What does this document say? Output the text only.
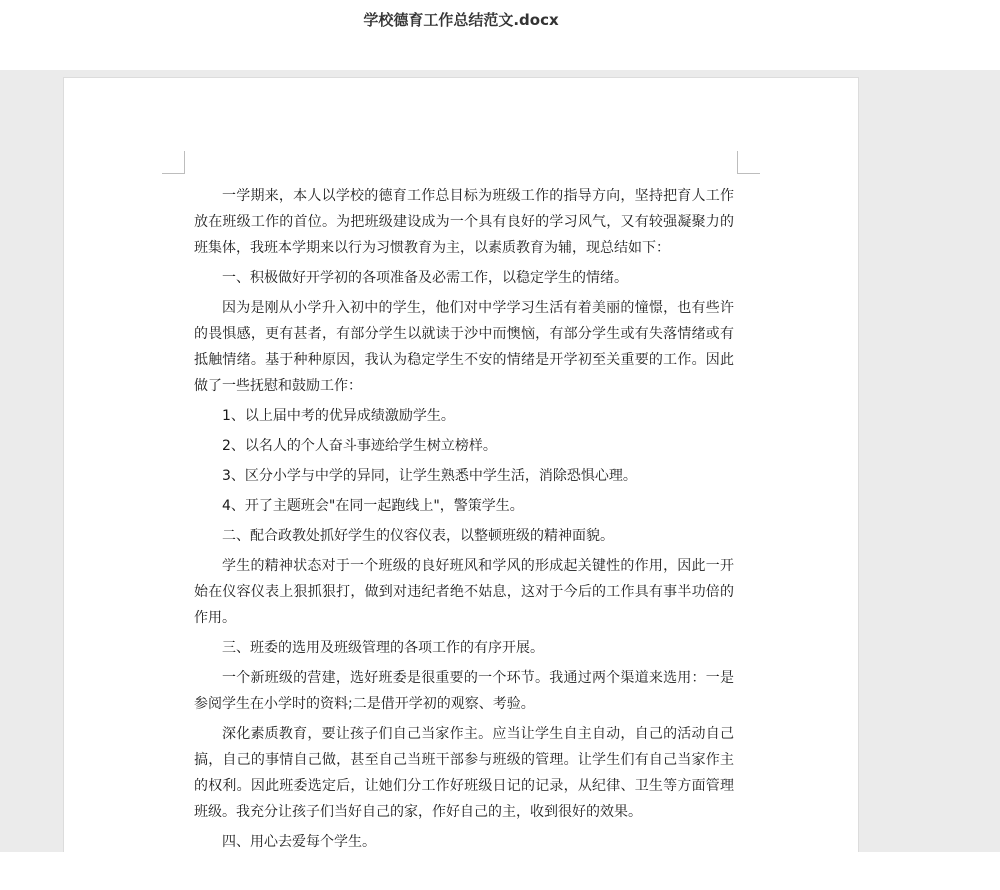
学校德育工作总结范文.docx

一学期来，本人以学校的德育工作总目标为班级工作的指导方向，坚持把育人工作放在班级工作的首位。为把班级建设成为一个具有良好的学习风气，又有较强凝聚力的班集体，我班本学期来以行为习惯教育为主，以素质教育为辅，现总结如下：

一、积极做好开学初的各项准备及必需工作，以稳定学生的情绪。

因为是刚从小学升入初中的学生，他们对中学学习生活有着美丽的憧憬，也有些许的畏惧感，更有甚者，有部分学生以就读于沙中而懊恼，有部分学生或有失落情绪或有抵触情绪。基于种种原因，我认为稳定学生不安的情绪是开学初至关重要的工作。因此做了一些抚慰和鼓励工作：

1、以上届中考的优异成绩激励学生。

2、以名人的个人奋斗事迹给学生树立榜样。

3、区分小学与中学的异同，让学生熟悉中学生活，消除恐惧心理。

4、开了主题班会"在同一起跑线上"，警策学生。

二、配合政教处抓好学生的仪容仪表，以整顿班级的精神面貌。

学生的精神状态对于一个班级的良好班风和学风的形成起关键性的作用，因此一开始在仪容仪表上狠抓狠打，做到对违纪者绝不姑息，这对于今后的工作具有事半功倍的作用。

三、班委的选用及班级管理的各项工作的有序开展。

一个新班级的营建，选好班委是很重要的一个环节。我通过两个渠道来选用：一是参阅学生在小学时的资料;二是借开学初的观察、考验。

深化素质教育，要让孩子们自己当家作主。应当让学生自主自动，自己的活动自己搞，自己的事情自己做，甚至自己当班干部参与班级的管理。让学生们有自己当家作主的权利。因此班委选定后，让她们分工作好班级日记的记录，从纪律、卫生等方面管理班级。我充分让孩子们当好自己的家，作好自己的主，收到很好的效果。

四、用心去爱每个学生。
